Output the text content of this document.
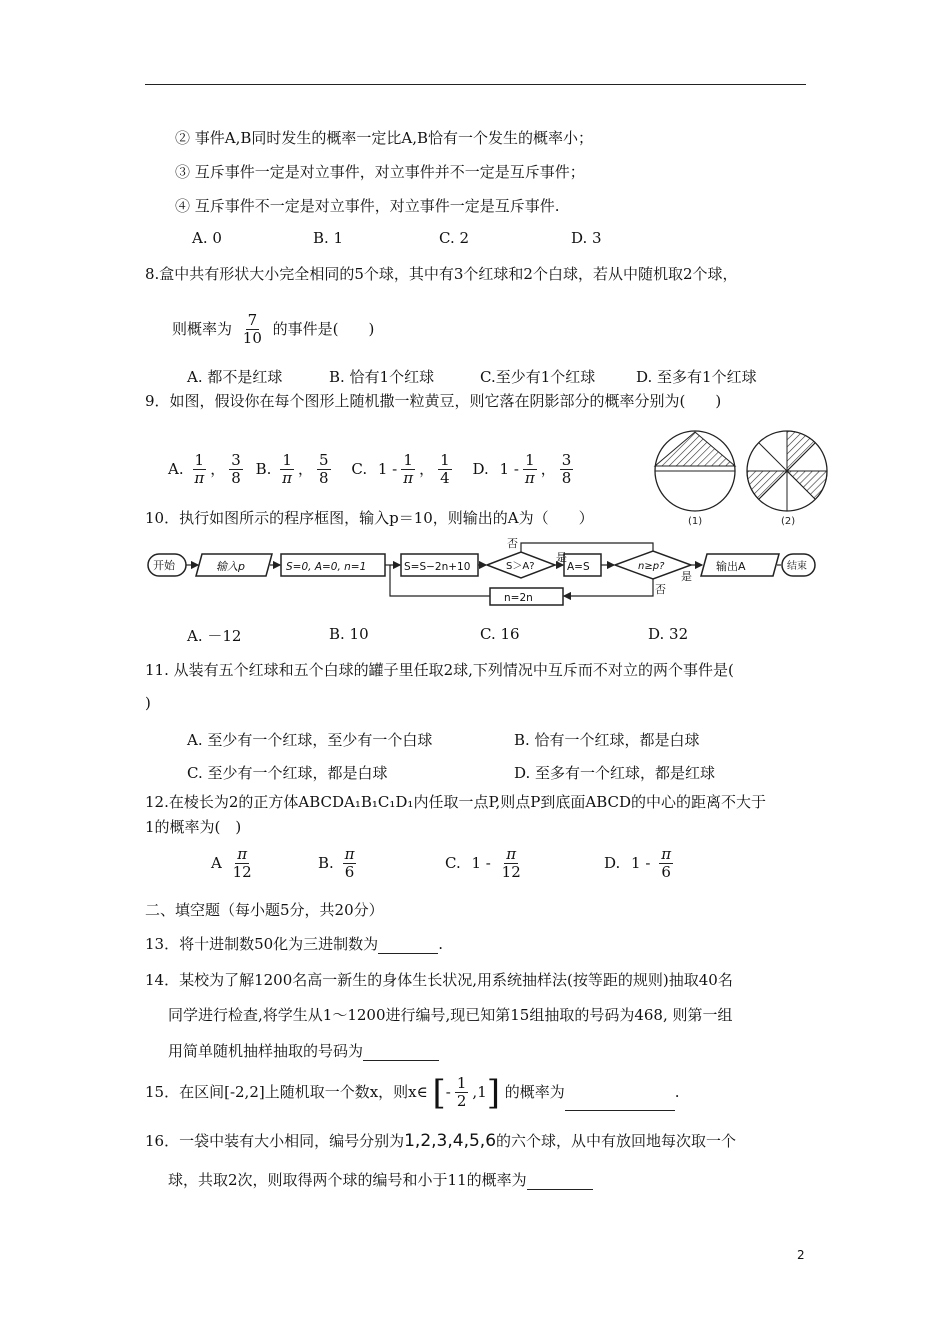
② 事件A,B同时发生的概率一定比A,B恰有一个发生的概率小；
③ 互斥事件一定是对立事件，对立事件并不一定是互斥事件；
④ 互斥事件不一定是对立事件，对立事件一定是互斥事件.
A. 0	B. 1	C. 2	D. 3
8.盒中共有形状大小完全相同的5个球，其中有3个红球和2个白球，若从中随机取2个球，
则概率为 $\frac{7}{10}$ 的事件是(　　)
A. 都不是红球	B. 恰有1个红球	C.至少有1个红球	D. 至多有1个红球
9．如图，假设你在每个图形上随机撒一粒黄豆，则它落在阴影部分的概率分别为(　　)
A. $\frac{1}{\pi}$ ， $\frac{3}{8} B$. $\frac{1}{\pi}$ ， $\frac{5}{8} C$. $1 - \frac{1}{\pi}$ ， $\frac{1}{4} D$. $1 - \frac{1}{\pi}$ ， $\frac{3}{8}$
(1)	(2)
10．执行如图所示的程序框图，输入p＝10，则输出的A为（　　）
开始	输入p	S=0, A=0, n=1	S=S−2n+10	S＞A?	A=S	n≥p?	输出A	结束
n=2n
否
是
是
否
A. －12	B. 10	C. 16	D. 32
11. 从装有五个红球和五个白球的罐子里任取2球,下列情况中互斥而不对立的两个事件是(
)
A. 至少有一个红球，至少有一个白球	B. 恰有一个红球，都是白球
C. 至少有一个红球，都是白球	D. 至多有一个红球，都是红球
12.在棱长为2的正方体ABCDA₁B₁C₁D₁内任取一点P,则点P到底面ABCD的中心的距离不大于
1的概率为(　)
A $\frac{\pi}{12}$	B. $\frac{\pi}{6}$	C. $1 - \frac{\pi}{12}$	D. $1 - \frac{\pi}{6}$
二、填空题（每小题5分，共20分）
13．将十进制数50化为三进制数为	.
14．某校为了解1200名高一新生的身体生长状况,用系统抽样法(按等距的规则)抽取40名
同学进行检查,将学生从1～1200进行编号,现已知第15组抽取的号码为468, 则第一组
用简单随机抽样抽取的号码为
15．在区间[-2,2]上随机取一个数x，则x∈ [- $\frac{1}{2} ,1$] 的概率为	.
16．一袋中装有大小相同，编号分别为1,2,3,4,5,6的六个球，从中有放回地每次取一个
球，共取2次，则取得两个球的编号和小于11的概率为
2
